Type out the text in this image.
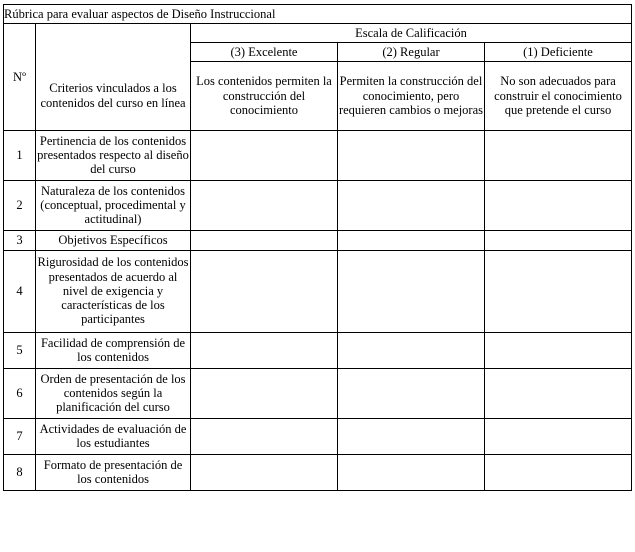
Rúbrica para evaluar aspectos de Diseño Instruccional				
Nº		Escala de Calificación		
		(3) Excelente	(2) Regular	(1) Deficiente
	Criterios vinculados a los contenidos del curso en línea	Los contenidos permiten la construcción del conocimiento	Permiten la construcción del conocimiento, pero requieren cambios o mejoras	No son adecuados para construir el conocimiento que pretende el curso
1	Pertinencia de los contenidos presentados respecto al diseño del curso			
2	Naturaleza de los contenidos (conceptual, procedimental y actitudinal)			
3	Objetivos Específicos			
4	Rigurosidad de los contenidos presentados de acuerdo al nivel de exigencia y características de los participantes			
5	Facilidad de comprensión de los contenidos			
6	Orden de presentación de los contenidos según la planificación del curso			
7	Actividades de evaluación de los estudiantes			
8	Formato de presentación de los contenidos			
